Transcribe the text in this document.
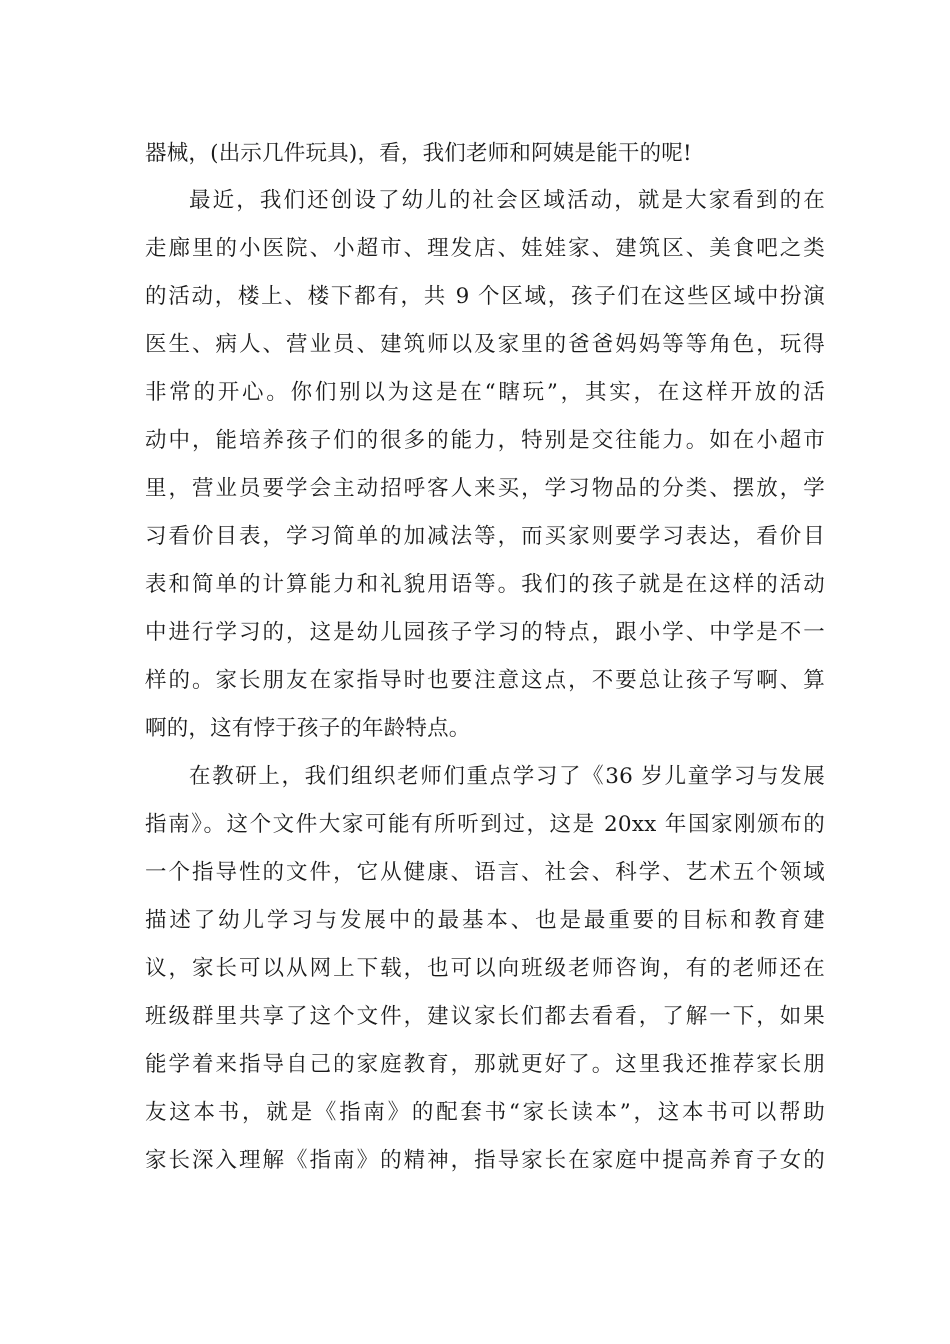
器械，(出示几件玩具)，看，我们老师和阿姨是能干的呢!
最近，我们还创设了幼儿的社会区域活动，就是大家看到的在
走廊里的小医院、小超市、理发店、娃娃家、建筑区、美食吧之类
的活动，楼上、楼下都有，共 9 个区域，孩子们在这些区域中扮演
医生、病人、营业员、建筑师以及家里的爸爸妈妈等等角色，玩得
非常的开心。你们别以为这是在“瞎玩”，其实，在这样开放的活
动中，能培养孩子们的很多的能力，特别是交往能力。如在小超市
里，营业员要学会主动招呼客人来买，学习物品的分类、摆放，学
习看价目表，学习简单的加减法等，而买家则要学习表达，看价目
表和简单的计算能力和礼貌用语等。我们的孩子就是在这样的活动
中进行学习的，这是幼儿园孩子学习的特点，跟小学、中学是不一
样的。家长朋友在家指导时也要注意这点，不要总让孩子写啊、算
啊的，这有悖于孩子的年龄特点。
在教研上，我们组织老师们重点学习了《36 岁儿童学习与发展
指南》。这个文件大家可能有所听到过，这是 20xx 年国家刚颁布的
一个指导性的文件，它从健康、语言、社会、科学、艺术五个领域
描述了幼儿学习与发展中的最基本、也是最重要的目标和教育建
议，家长可以从网上下载，也可以向班级老师咨询，有的老师还在
班级群里共享了这个文件，建议家长们都去看看，了解一下，如果
能学着来指导自己的家庭教育，那就更好了。这里我还推荐家长朋
友这本书，就是《指南》的配套书“家长读本”，这本书可以帮助
家长深入理解《指南》的精神，指导家长在家庭中提高养育子女的
